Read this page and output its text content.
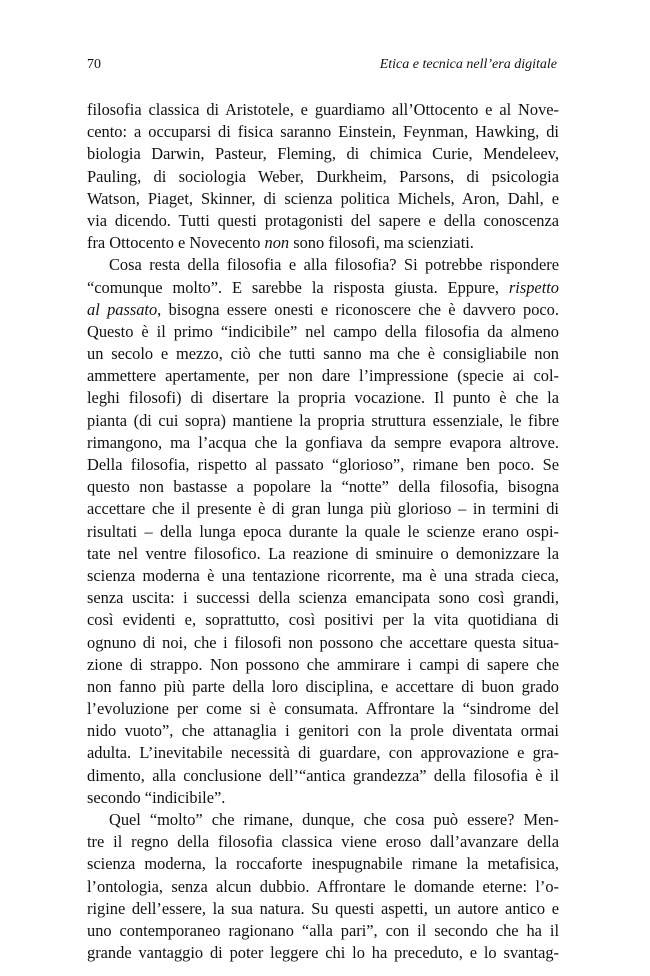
70	Etica e tecnica nell’era digitale
filosofia classica di Aristotele, e guardiamo all’Ottocento e al Nove-
cento: a occuparsi di fisica saranno Einstein, Feynman, Hawking, di
biologia Darwin, Pasteur, Fleming, di chimica Curie, Mendeleev,
Pauling, di sociologia Weber, Durkheim, Parsons, di psicologia
Watson, Piaget, Skinner, di scienza politica Michels, Aron, Dahl, e
via dicendo. Tutti questi protagonisti del sapere e della conoscenza
fra Ottocento e Novecento non sono filosofi, ma scienziati.
Cosa resta della filosofia e alla filosofia? Si potrebbe rispondere
“comunque molto”. E sarebbe la risposta giusta. Eppure, rispetto
al passato, bisogna essere onesti e riconoscere che è davvero poco.
Questo è il primo “indicibile” nel campo della filosofia da almeno
un secolo e mezzo, ciò che tutti sanno ma che è consigliabile non
ammettere apertamente, per non dare l’impressione (specie ai col-
leghi filosofi) di disertare la propria vocazione. Il punto è che la
pianta (di cui sopra) mantiene la propria struttura essenziale, le fibre
rimangono, ma l’acqua che la gonfiava da sempre evapora altrove.
Della filosofia, rispetto al passato “glorioso”, rimane ben poco. Se
questo non bastasse a popolare la “notte” della filosofia, bisogna
accettare che il presente è di gran lunga più glorioso – in termini di
risultati – della lunga epoca durante la quale le scienze erano ospi-
tate nel ventre filosofico. La reazione di sminuire o demonizzare la
scienza moderna è una tentazione ricorrente, ma è una strada cieca,
senza uscita: i successi della scienza emancipata sono così grandi,
così evidenti e, soprattutto, così positivi per la vita quotidiana di
ognuno di noi, che i filosofi non possono che accettare questa situa-
zione di strappo. Non possono che ammirare i campi di sapere che
non fanno più parte della loro disciplina, e accettare di buon grado
l’evoluzione per come si è consumata. Affrontare la “sindrome del
nido vuoto”, che attanaglia i genitori con la prole diventata ormai
adulta. L’inevitabile necessità di guardare, con approvazione e gra-
dimento, alla conclusione dell’“antica grandezza” della filosofia è il
secondo “indicibile”.
Quel “molto” che rimane, dunque, che cosa può essere? Men-
tre il regno della filosofia classica viene eroso dall’avanzare della
scienza moderna, la roccaforte inespugnabile rimane la metafisica,
l’ontologia, senza alcun dubbio. Affrontare le domande eterne: l’o-
rigine dell’essere, la sua natura. Su questi aspetti, un autore antico e
uno contemporaneo ragionano “alla pari”, con il secondo che ha il
grande vantaggio di poter leggere chi lo ha preceduto, e lo svantag-
